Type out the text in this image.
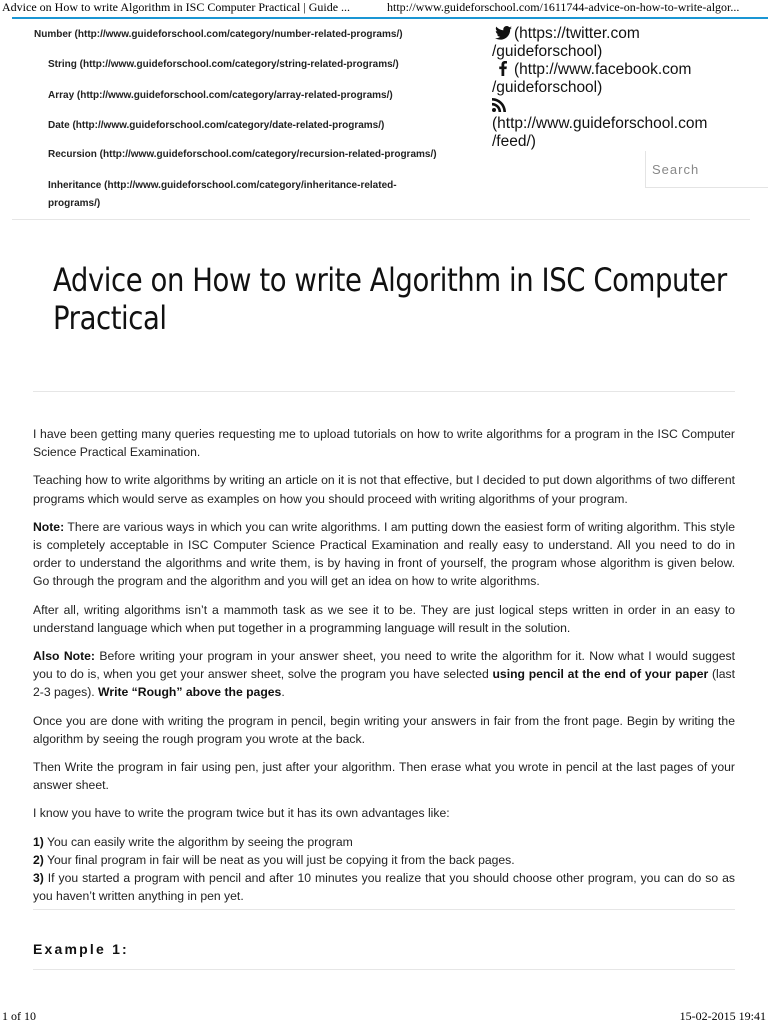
Advice on How to write Algorithm in ISC Computer Practical | Guide ...	http://www.guideforschool.com/1611744-advice-on-how-to-write-algor...
Number (http://www.guideforschool.com/category/number-related-programs/)
String (http://www.guideforschool.com/category/string-related-programs/)
Array (http://www.guideforschool.com/category/array-related-programs/)
Date (http://www.guideforschool.com/category/date-related-programs/)
Recursion (http://www.guideforschool.com/category/recursion-related-programs/)
Inheritance (http://www.guideforschool.com/category/inheritance-related-programs/)
(https://twitter.com
/guideforschool)
(http://www.facebook.com
/guideforschool)
(http://www.guideforschool.com
/feed/)
Search
Advice on How to write Algorithm in ISC Computer Practical

I have been getting many queries requesting me to upload tutorials on how to write algorithms for a program in the ISC Computer Science Practical Examination.

Teaching how to write algorithms by writing an article on it is not that effective, but I decided to put down algorithms of two different programs which would serve as examples on how you should proceed with writing algorithms of your program.

Note: There are various ways in which you can write algorithms. I am putting down the easiest form of writing algorithm. This style is completely acceptable in ISC Computer Science Practical Examination and really easy to understand. All you need to do in order to understand the algorithms and write them, is by having in front of yourself, the program whose algorithm is given below. Go through the program and the algorithm and you will get an idea on how to write algorithms.

After all, writing algorithms isn’t a mammoth task as we see it to be. They are just logical steps written in order in an easy to understand language which when put together in a programming language will result in the solution.

Also Note: Before writing your program in your answer sheet, you need to write the algorithm for it. Now what I would suggest you to do is, when you get your answer sheet, solve the program you have selected using pencil at the end of your paper (last 2-3 pages). Write “Rough” above the pages.

Once you are done with writing the program in pencil, begin writing your answers in fair from the front page. Begin by writing the algorithm by seeing the rough program you wrote at the back.

Then Write the program in fair using pen, just after your algorithm. Then erase what you wrote in pencil at the last pages of your answer sheet.

I know you have to write the program twice but it has its own advantages like:

1) You can easily write the algorithm by seeing the program
2) Your final program in fair will be neat as you will just be copying it from the back pages.
3) If you started a program with pencil and after 10 minutes you realize that you should choose other program, you can do so as you haven’t written anything in pen yet.

Example 1:
1 of 10	15-02-2015 19:41
